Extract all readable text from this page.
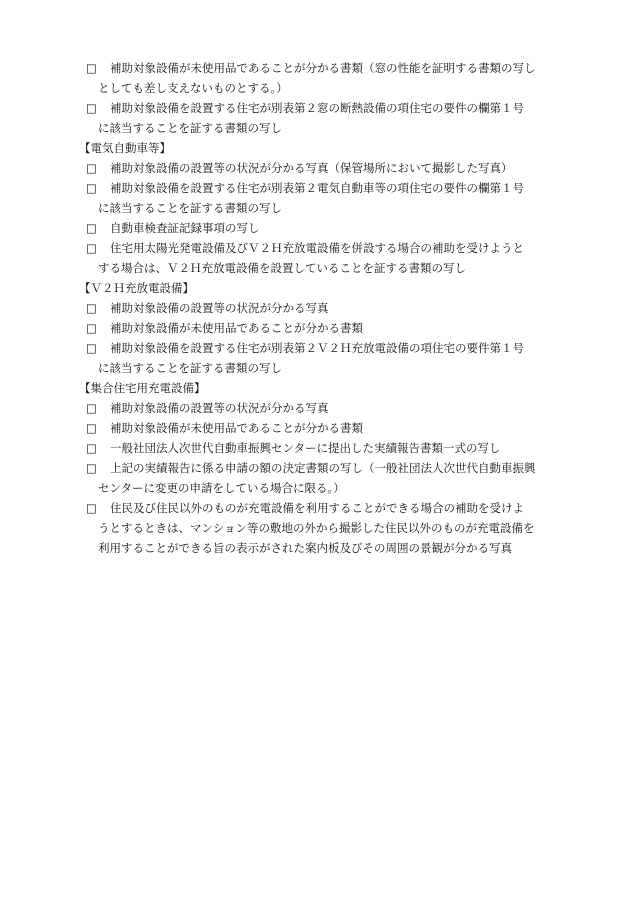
□ 補助対象設備が未使用品であることが分かる書類（窓の性能を証明する書類の写し
としても差し支えないものとする。）
□ 補助対象設備を設置する住宅が別表第２窓の断熱設備の項住宅の要件の欄第１号
に該当することを証する書類の写し
【電気自動車等】
□ 補助対象設備の設置等の状況が分かる写真（保管場所において撮影した写真）
□ 補助対象設備を設置する住宅が別表第２電気自動車等の項住宅の要件の欄第１号
に該当することを証する書類の写し
□ 自動車検査証記録事項の写し
□ 住宅用太陽光発電設備及びＶ２Ｈ充放電設備を併設する場合の補助を受けようと
する場合は、Ｖ２Ｈ充放電設備を設置していることを証する書類の写し
【Ｖ２Ｈ充放電設備】
□ 補助対象設備の設置等の状況が分かる写真
□ 補助対象設備が未使用品であることが分かる書類
□ 補助対象設備を設置する住宅が別表第２Ｖ２Ｈ充放電設備の項住宅の要件第１号
に該当することを証する書類の写し
【集合住宅用充電設備】
□ 補助対象設備の設置等の状況が分かる写真
□ 補助対象設備が未使用品であることが分かる書類
□ 一般社団法人次世代自動車振興センターに提出した実績報告書類一式の写し
□ 上記の実績報告に係る申請の額の決定書類の写し（一般社団法人次世代自動車振興
センターに変更の申請をしている場合に限る。）
□ 住民及び住民以外のものが充電設備を利用することができる場合の補助を受けよ
うとするときは、マンション等の敷地の外から撮影した住民以外のものが充電設備を
利用することができる旨の表示がされた案内板及びその周囲の景観が分かる写真
